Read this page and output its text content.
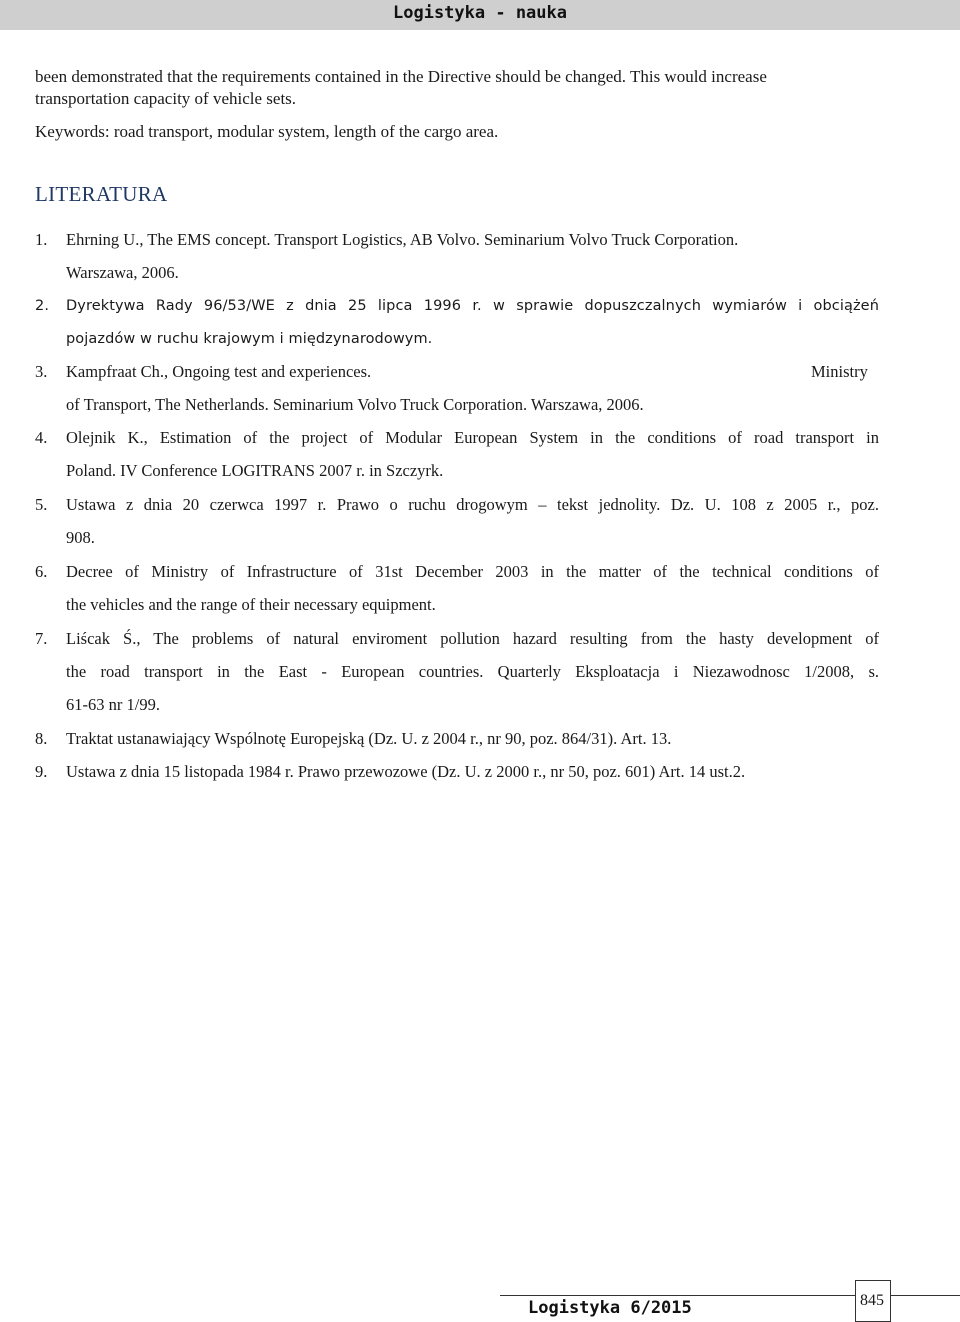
Logistyka - nauka
been demonstrated that the requirements contained in the Directive should be changed. This would increase
transportation capacity of vehicle sets.
Keywords: road transport, modular system, length of the cargo area.
LITERATURA
1. Ehrning U., The EMS concept. Transport Logistics, AB Volvo. Seminarium Volvo Truck Corporation.
Warszawa, 2006.
2. Dyrektywa Rady 96/53/WE z dnia 25 lipca 1996 r. w sprawie dopuszczalnych wymiarów i obciążeń
pojazdów w ruchu krajowym i międzynarodowym.
3. Kampfraat Ch., Ongoing test and experiences.	Ministry
of Transport, The Netherlands. Seminarium Volvo Truck Corporation. Warszawa, 2006.
4. Olejnik K., Estimation of the project of Modular European System in the conditions of road transport in
Poland. IV Conference LOGITRANS 2007 r. in Szczyrk.
5. Ustawa z dnia 20 czerwca 1997 r. Prawo o ruchu drogowym – tekst jednolity. Dz. U. 108 z 2005 r., poz.
908.
6. Decree of Ministry of Infrastructure of 31st December 2003 in the matter of the technical conditions of
the vehicles and the range of their necessary equipment.
7. Liścak Ś., The problems of natural enviroment pollution hazard resulting from the hasty development of
the road transport in the East - European countries. Quarterly Eksploatacja i Niezawodnosc 1/2008, s.
61-63 nr 1/99.
8. Traktat ustanawiający Wspólnotę Europejską (Dz. U. z 2004 r., nr 90, poz. 864/31). Art. 13.
9. Ustawa z dnia 15 listopada 1984 r. Prawo przewozowe (Dz. U. z 2000 r., nr 50, poz. 601) Art. 14 ust.2.
Logistyka 6/2015	845
